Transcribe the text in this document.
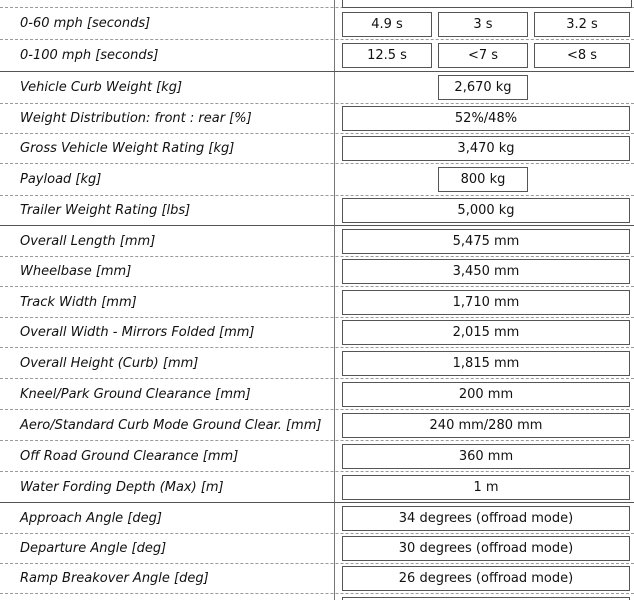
0-60 mph [seconds]	4.9 s	3 s	3.2 s
0-100 mph [seconds]	12.5 s	<7 s	<8 s
Vehicle Curb Weight [kg]	2,670 kg
Weight Distribution: front : rear [%]	52%/48%
Gross Vehicle Weight Rating [kg]	3,470 kg
Payload [kg]	800 kg
Trailer Weight Rating [lbs]	5,000 kg
Overall Length [mm]	5,475 mm
Wheelbase [mm]	3,450 mm
Track Width [mm]	1,710 mm
Overall Width - Mirrors Folded [mm]	2,015 mm
Overall Height (Curb) [mm]	1,815 mm
Kneel/Park Ground Clearance [mm]	200 mm
Aero/Standard Curb Mode Ground Clear. [mm]	240 mm/280 mm
Off Road Ground Clearance [mm]	360 mm
Water Fording Depth (Max) [m]	1 m
Approach Angle [deg]	34 degrees (offroad mode)
Departure Angle [deg]	30 degrees (offroad mode)
Ramp Breakover Angle [deg]	26 degrees (offroad mode)
